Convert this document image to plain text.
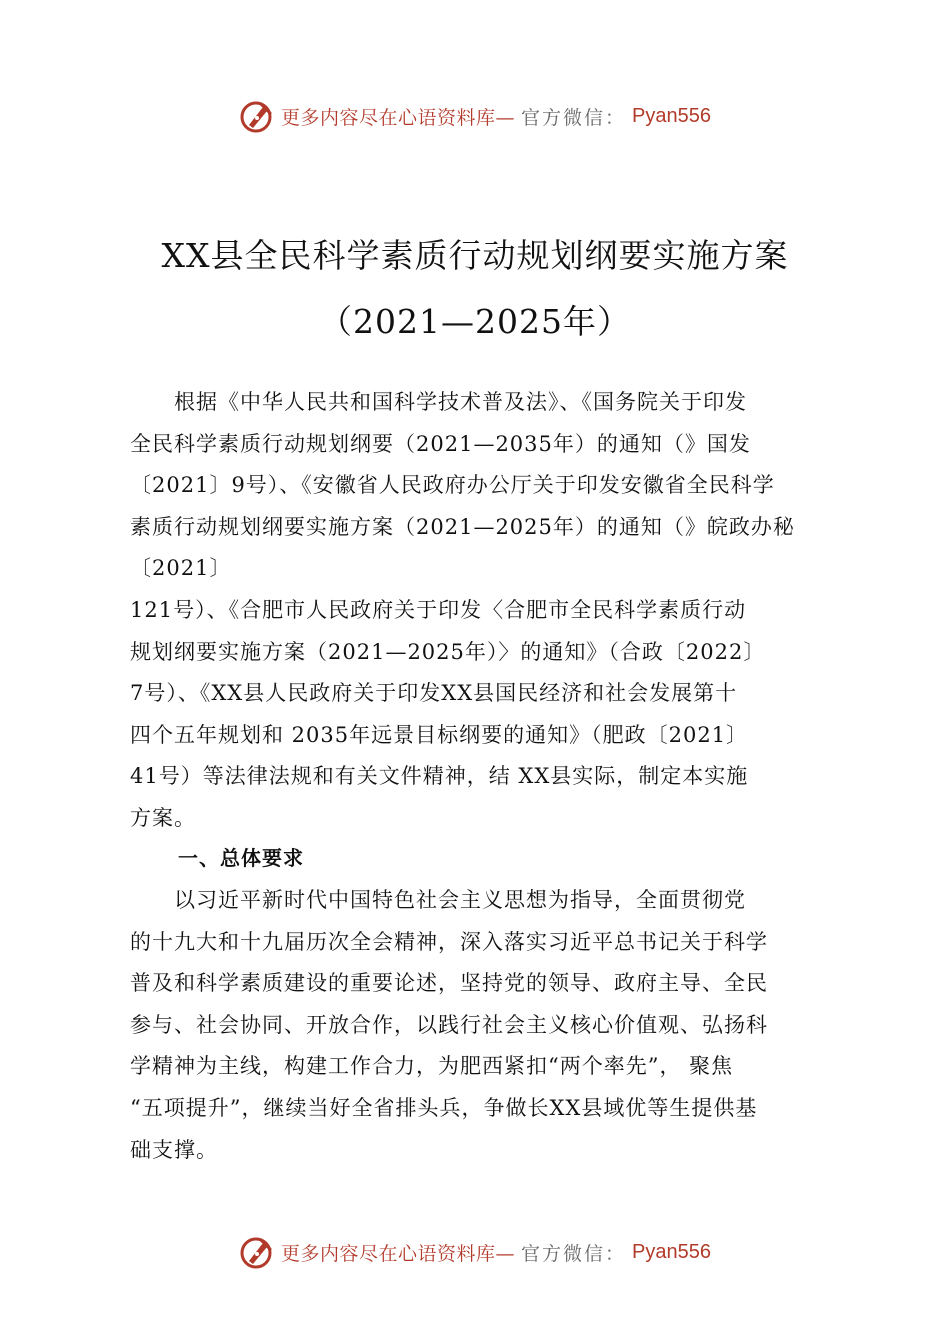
更多内容尽在心语资料库— 官方微信： Pyan556
XX县全民科学素质行动规划纲要实施方案
（2021—2025年）

　　根据《中华人民共和国科学技术普及法》、《国务院关于印发
全民科学素质行动规划纲要（2021—2035年）的通知（》国发
〔2021〕9号）、《安徽省人民政府办公厅关于印发安徽省全民科学
素质行动规划纲要实施方案（2021—2025年）的通知（》皖政办秘
〔2021〕
121号）、《合肥市人民政府关于印发〈合肥市全民科学素质行动
规划纲要实施方案（2021—2025年）〉的通知》（合政〔2022〕
7号）、《XX县人民政府关于印发XX县国民经济和社会发展第十
四个五年规划和 2035年远景目标纲要的通知》（肥政〔2021〕
41号）等法律法规和有关文件精神，结 XX县实际，制定本实施
方案。

一、总体要求

　　以习近平新时代中国特色社会主义思想为指导，全面贯彻党
的十九大和十九届历次全会精神，深入落实习近平总书记关于科学
普及和科学素质建设的重要论述，坚持党的领导、政府主导、全民
参与、社会协同、开放合作，以践行社会主义核心价值观、弘扬科
学精神为主线，构建工作合力，为肥西紧扣“两个率先”， 聚焦
“五项提升”，继续当好全省排头兵，争做长XX县域优等生提供基
础支撑。

更多内容尽在心语资料库— 官方微信： Pyan556
